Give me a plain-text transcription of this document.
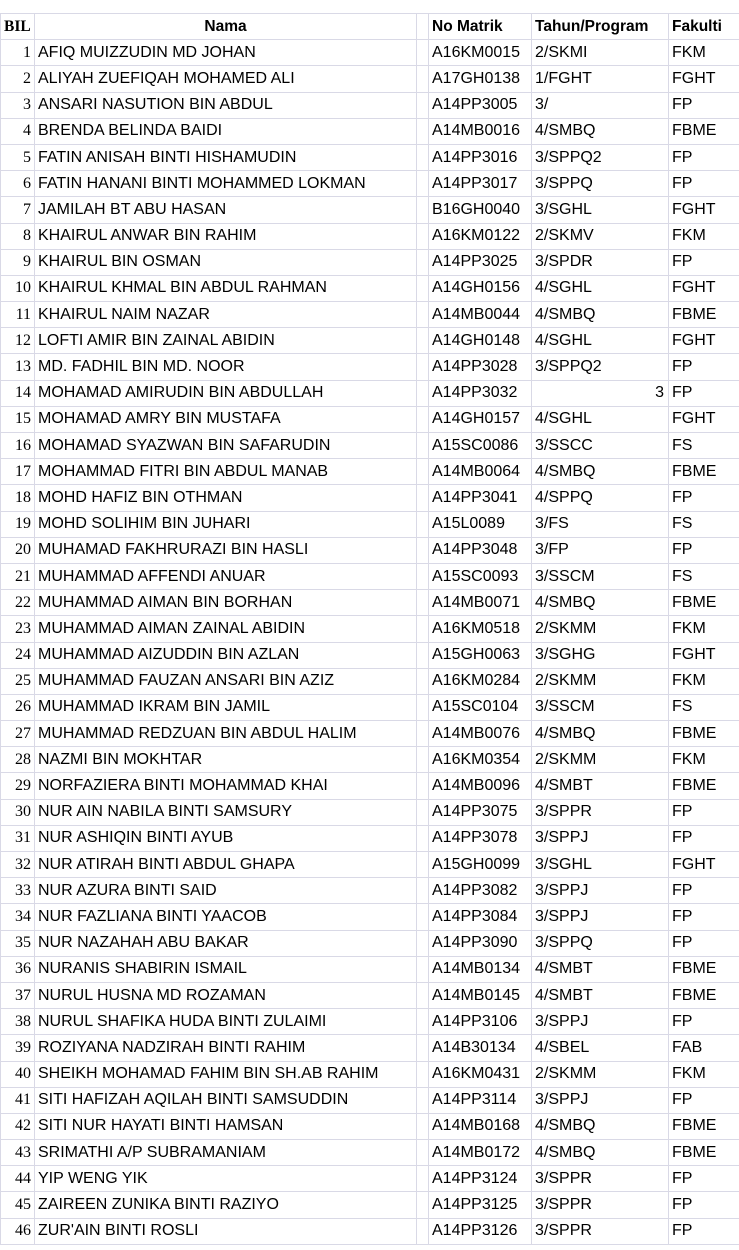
BIL	Nama		No Matrik	Tahun/Program	Fakulti
1	AFIQ MUIZZUDIN MD JOHAN		A16KM0015	2/SKMI	FKM
2	ALIYAH ZUEFIQAH MOHAMED ALI		A17GH0138	1/FGHT	FGHT
3	ANSARI NASUTION BIN ABDUL		A14PP3005	3/	FP
4	BRENDA BELINDA BAIDI		A14MB0016	4/SMBQ	FBME
5	FATIN ANISAH BINTI HISHAMUDIN		A14PP3016	3/SPPQ2	FP
6	FATIN HANANI BINTI MOHAMMED LOKMAN		A14PP3017	3/SPPQ	FP
7	JAMILAH BT ABU HASAN		B16GH0040	3/SGHL	FGHT
8	KHAIRUL ANWAR BIN RAHIM		A16KM0122	2/SKMV	FKM
9	KHAIRUL BIN OSMAN		A14PP3025	3/SPDR	FP
10	KHAIRUL KHMAL BIN ABDUL RAHMAN		A14GH0156	4/SGHL	FGHT
11	KHAIRUL NAIM NAZAR		A14MB0044	4/SMBQ	FBME
12	LOFTI AMIR BIN ZAINAL ABIDIN		A14GH0148	4/SGHL	FGHT
13	MD. FADHIL BIN MD. NOOR		A14PP3028	3/SPPQ2	FP
14	MOHAMAD AMIRUDIN BIN ABDULLAH		A14PP3032	3	FP
15	MOHAMAD AMRY BIN MUSTAFA		A14GH0157	4/SGHL	FGHT
16	MOHAMAD SYAZWAN BIN SAFARUDIN		A15SC0086	3/SSCC	FS
17	MOHAMMAD FITRI BIN ABDUL MANAB		A14MB0064	4/SMBQ	FBME
18	MOHD HAFIZ BIN OTHMAN		A14PP3041	4/SPPQ	FP
19	MOHD SOLIHIM BIN JUHARI		A15L0089	3/FS	FS
20	MUHAMAD FAKHRURAZI BIN HASLI		A14PP3048	3/FP	FP
21	MUHAMMAD AFFENDI ANUAR		A15SC0093	3/SSCM	FS
22	MUHAMMAD AIMAN BIN BORHAN		A14MB0071	4/SMBQ	FBME
23	MUHAMMAD AIMAN ZAINAL ABIDIN		A16KM0518	2/SKMM	FKM
24	MUHAMMAD AIZUDDIN BIN AZLAN		A15GH0063	3/SGHG	FGHT
25	MUHAMMAD FAUZAN ANSARI BIN AZIZ		A16KM0284	2/SKMM	FKM
26	MUHAMMAD IKRAM BIN JAMIL		A15SC0104	3/SSCM	FS
27	MUHAMMAD REDZUAN BIN ABDUL HALIM		A14MB0076	4/SMBQ	FBME
28	NAZMI BIN MOKHTAR		A16KM0354	2/SKMM	FKM
29	NORFAZIERA BINTI MOHAMMAD KHAI		A14MB0096	4/SMBT	FBME
30	NUR AIN NABILA BINTI SAMSURY		A14PP3075	3/SPPR	FP
31	NUR ASHIQIN BINTI AYUB		A14PP3078	3/SPPJ	FP
32	NUR ATIRAH BINTI ABDUL GHAPA		A15GH0099	3/SGHL	FGHT
33	NUR AZURA BINTI SAID		A14PP3082	3/SPPJ	FP
34	NUR FAZLIANA BINTI YAACOB		A14PP3084	3/SPPJ	FP
35	NUR NAZAHAH ABU BAKAR		A14PP3090	3/SPPQ	FP
36	NURANIS SHABIRIN ISMAIL		A14MB0134	4/SMBT	FBME
37	NURUL HUSNA MD ROZAMAN		A14MB0145	4/SMBT	FBME
38	NURUL SHAFIKA HUDA BINTI ZULAIMI		A14PP3106	3/SPPJ	FP
39	ROZIYANA NADZIRAH BINTI RAHIM		A14B30134	4/SBEL	FAB
40	SHEIKH MOHAMAD FAHIM BIN SH.AB RAHIM		A16KM0431	2/SKMM	FKM
41	SITI HAFIZAH AQILAH BINTI SAMSUDDIN		A14PP3114	3/SPPJ	FP
42	SITI NUR HAYATI BINTI HAMSAN		A14MB0168	4/SMBQ	FBME
43	SRIMATHI A/P SUBRAMANIAM		A14MB0172	4/SMBQ	FBME
44	YIP WENG YIK		A14PP3124	3/SPPR	FP
45	ZAIREEN ZUNIKA BINTI RAZIYO		A14PP3125	3/SPPR	FP
46	ZUR'AIN BINTI ROSLI		A14PP3126	3/SPPR	FP
